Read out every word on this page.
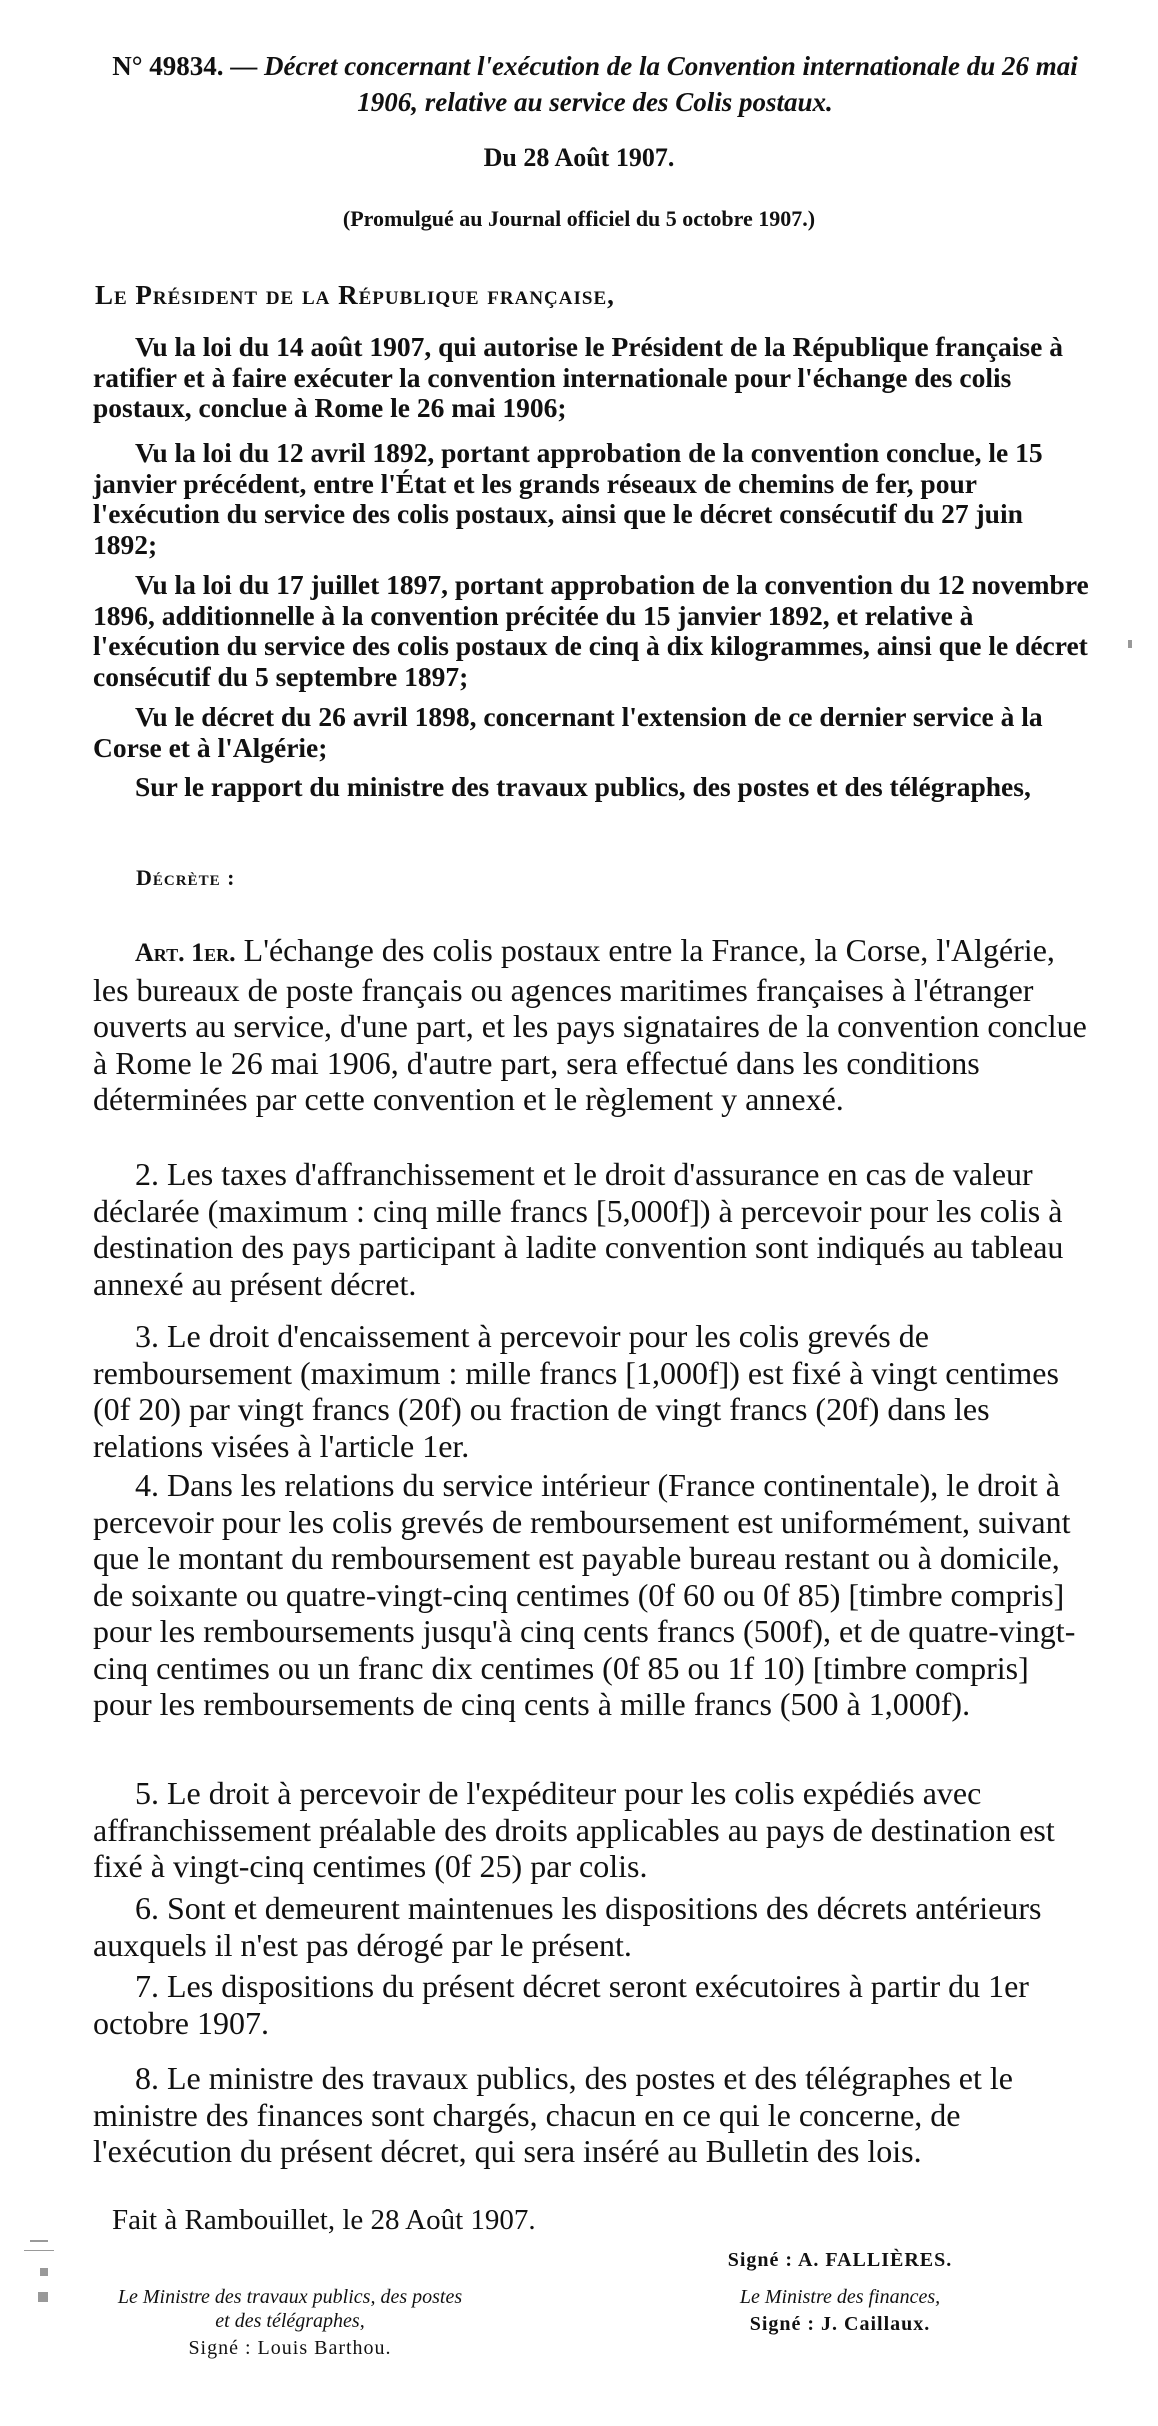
N° 49834. — Décret concernant l'exécution de la Convention internationale du 26 mai 1906, relative au service des Colis postaux.
Du 28 Août 1907.
(Promulgué au Journal officiel du 5 octobre 1907.)
Le Président de la République française,

Vu la loi du 14 août 1907, qui autorise le Président de la République française à ratifier et à faire exécuter la convention internationale pour l'échange des colis postaux, conclue à Rome le 26 mai 1906;

Vu la loi du 12 avril 1892, portant approbation de la convention conclue, le 15 janvier précédent, entre l'État et les grands réseaux de chemins de fer, pour l'exécution du service des colis postaux, ainsi que le décret consécutif du 27 juin 1892;

Vu la loi du 17 juillet 1897, portant approbation de la convention du 12 novembre 1896, additionnelle à la convention précitée du 15 janvier 1892, et relative à l'exécution du service des colis postaux de cinq à dix kilogrammes, ainsi que le décret consécutif du 5 septembre 1897;

Vu le décret du 26 avril 1898, concernant l'extension de ce dernier service à la Corse et à l'Algérie;

Sur le rapport du ministre des travaux publics, des postes et des télégraphes,

Décrète :

Art. 1er. L'échange des colis postaux entre la France, la Corse, l'Algérie, les bureaux de poste français ou agences maritimes françaises à l'étranger ouverts au service, d'une part, et les pays signataires de la convention conclue à Rome le 26 mai 1906, d'autre part, sera effectué dans les conditions déterminées par cette convention et le règlement y annexé.

2. Les taxes d'affranchissement et le droit d'assurance en cas de valeur déclarée (maximum : cinq mille francs [5,000f]) à percevoir pour les colis à destination des pays participant à ladite convention sont indiqués au tableau annexé au présent décret.

3. Le droit d'encaissement à percevoir pour les colis grevés de remboursement (maximum : mille francs [1,000f]) est fixé à vingt centimes (0f 20) par vingt francs (20f) ou fraction de vingt francs (20f) dans les relations visées à l'article 1er.

4. Dans les relations du service intérieur (France continentale), le droit à percevoir pour les colis grevés de remboursement est uniformément, suivant que le montant du remboursement est payable bureau restant ou à domicile, de soixante ou quatre-vingt-cinq centimes (0f 60 ou 0f 85) [timbre compris] pour les remboursements jusqu'à cinq cents francs (500f), et de quatre-vingt-cinq centimes ou un franc dix centimes (0f 85 ou 1f 10) [timbre compris] pour les remboursements de cinq cents à mille francs (500 à 1,000f).

5. Le droit à percevoir de l'expéditeur pour les colis expédiés avec affranchissement préalable des droits applicables au pays de destination est fixé à vingt-cinq centimes (0f 25) par colis.

6. Sont et demeurent maintenues les dispositions des décrets antérieurs auxquels il n'est pas dérogé par le présent.

7. Les dispositions du présent décret seront exécutoires à partir du 1er octobre 1907.

8. Le ministre des travaux publics, des postes et des télégraphes et le ministre des finances sont chargés, chacun en ce qui le concerne, de l'exécution du présent décret, qui sera inséré au Bulletin des lois.

Fait à Rambouillet, le 28 Août 1907.
Signé : A. FALLIÈRES.
Le Ministre des travaux publics, des postes et des télégraphes,
Signé : Louis Barthou.
Le Ministre des finances,
Signé : J. Caillaux.
